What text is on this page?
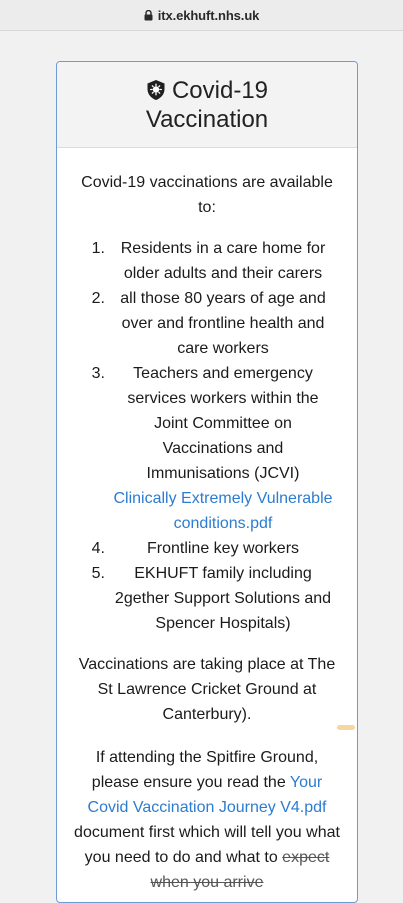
itx.ekhuft.nhs.uk
Covid-19
Vaccination

Covid-19 vaccinations are available to:

1. Residents in a care home for older adults and their carers
2. all those 80 years of age and over and frontline health and care workers
3.	Teachers and emergency services workers within the Joint Committee on Vaccinations and Immunisations (JCVI)
Clinically Extremely Vulnerable conditions.pdf
4.	Frontline key workers
5.	EKHUFT family including 2gether Support Solutions and Spencer Hospitals)

Vaccinations are taking place at The St Lawrence Cricket Ground at Canterbury).

If attending the Spitfire Ground, please ensure you read the Your Covid Vaccination Journey V4.pdf document first which will tell you what you need to do and what to expect when you arrive
